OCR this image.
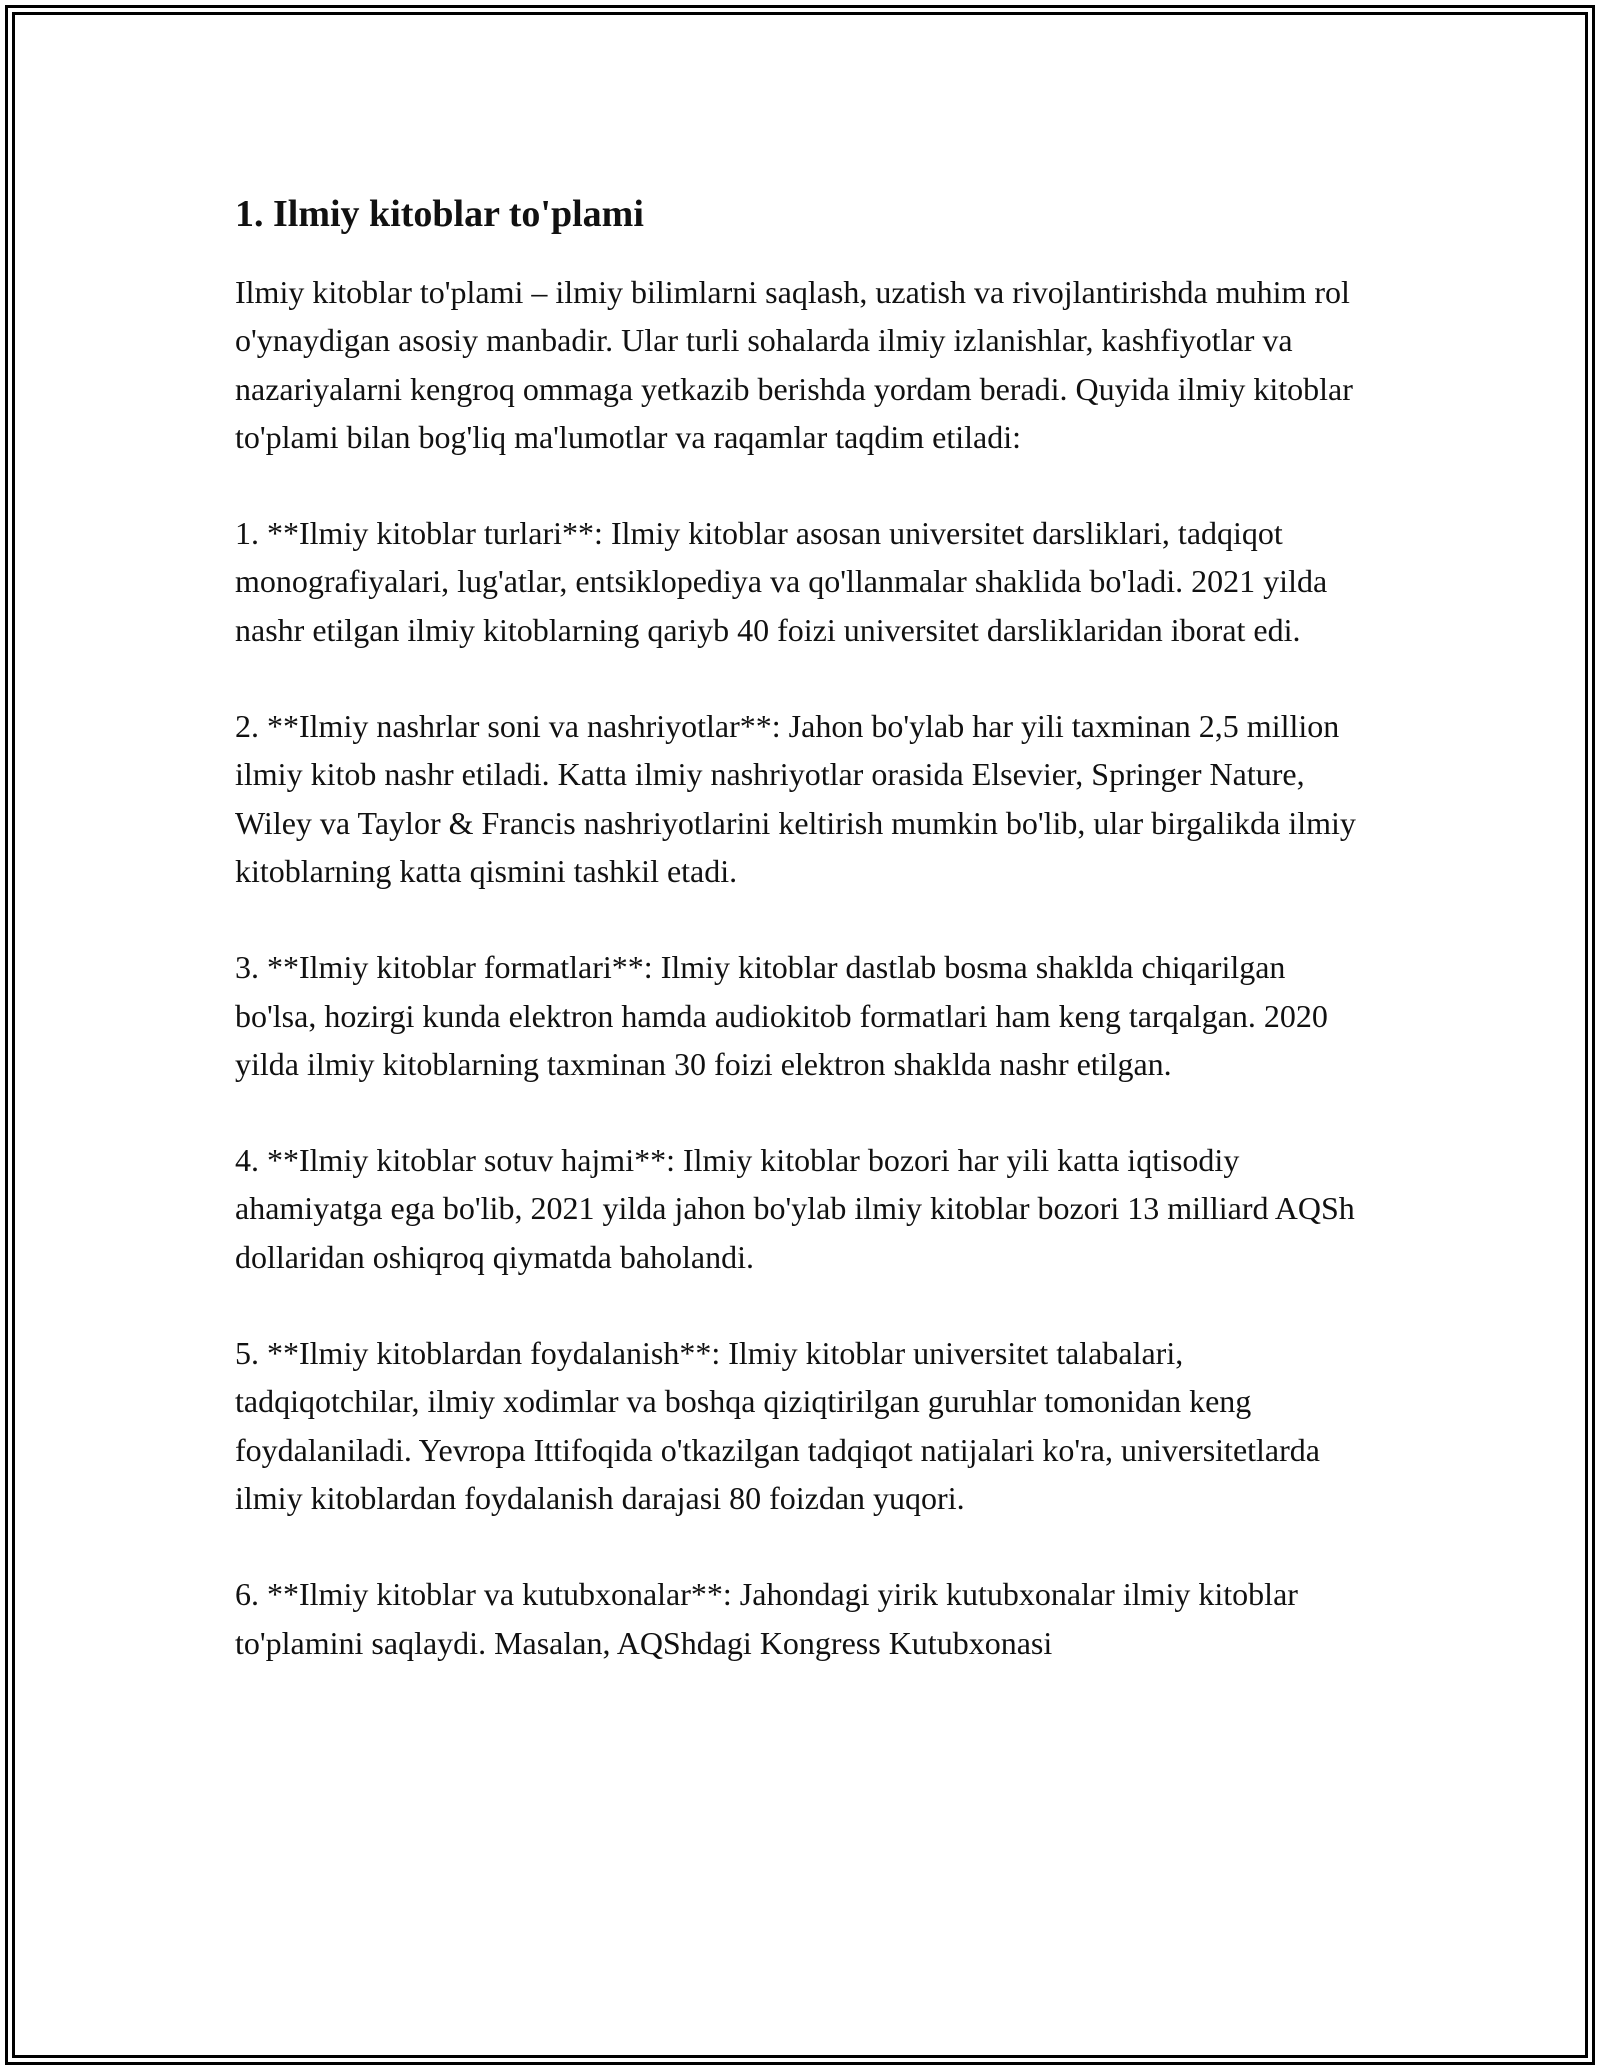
1. Ilmiy kitoblar to'plami

Ilmiy kitoblar to'plami – ilmiy bilimlarni saqlash, uzatish va rivojlantirishda muhim rol o'ynaydigan asosiy manbadir. Ular turli sohalarda ilmiy izlanishlar, kashfiyotlar va nazariyalarni kengroq ommaga yetkazib berishda yordam beradi. Quyida ilmiy kitoblar to'plami bilan bog'liq ma'lumotlar va raqamlar taqdim etiladi:

1. **Ilmiy kitoblar turlari**: Ilmiy kitoblar asosan universitet darsliklari, tadqiqot monografiyalari, lug'atlar, entsiklopediya va qo'llanmalar shaklida bo'ladi. 2021 yilda nashr etilgan ilmiy kitoblarning qariyb 40 foizi universitet darsliklaridan iborat edi.

2. **Ilmiy nashrlar soni va nashriyotlar**: Jahon bo'ylab har yili taxminan 2,5 million ilmiy kitob nashr etiladi. Katta ilmiy nashriyotlar orasida Elsevier, Springer Nature, Wiley va Taylor & Francis nashriyotlarini keltirish mumkin bo'lib, ular birgalikda ilmiy kitoblarning katta qismini tashkil etadi.

3. **Ilmiy kitoblar formatlari**: Ilmiy kitoblar dastlab bosma shaklda chiqarilgan bo'lsa, hozirgi kunda elektron hamda audiokitob formatlari ham keng tarqalgan. 2020 yilda ilmiy kitoblarning taxminan 30 foizi elektron shaklda nashr etilgan.

4. **Ilmiy kitoblar sotuv hajmi**: Ilmiy kitoblar bozori har yili katta iqtisodiy ahamiyatga ega bo'lib, 2021 yilda jahon bo'ylab ilmiy kitoblar bozori 13 milliard AQSh dollaridan oshiqroq qiymatda baholandi.

5. **Ilmiy kitoblardan foydalanish**: Ilmiy kitoblar universitet talabalari, tadqiqotchilar, ilmiy xodimlar va boshqa qiziqtirilgan guruhlar tomonidan keng foydalaniladi. Yevropa Ittifoqida o'tkazilgan tadqiqot natijalari ko'ra, universitetlarda ilmiy kitoblardan foydalanish darajasi 80 foizdan yuqori.

6. **Ilmiy kitoblar va kutubxonalar**: Jahondagi yirik kutubxonalar ilmiy kitoblar to'plamini saqlaydi. Masalan, AQShdagi Kongress Kutubxonasi
